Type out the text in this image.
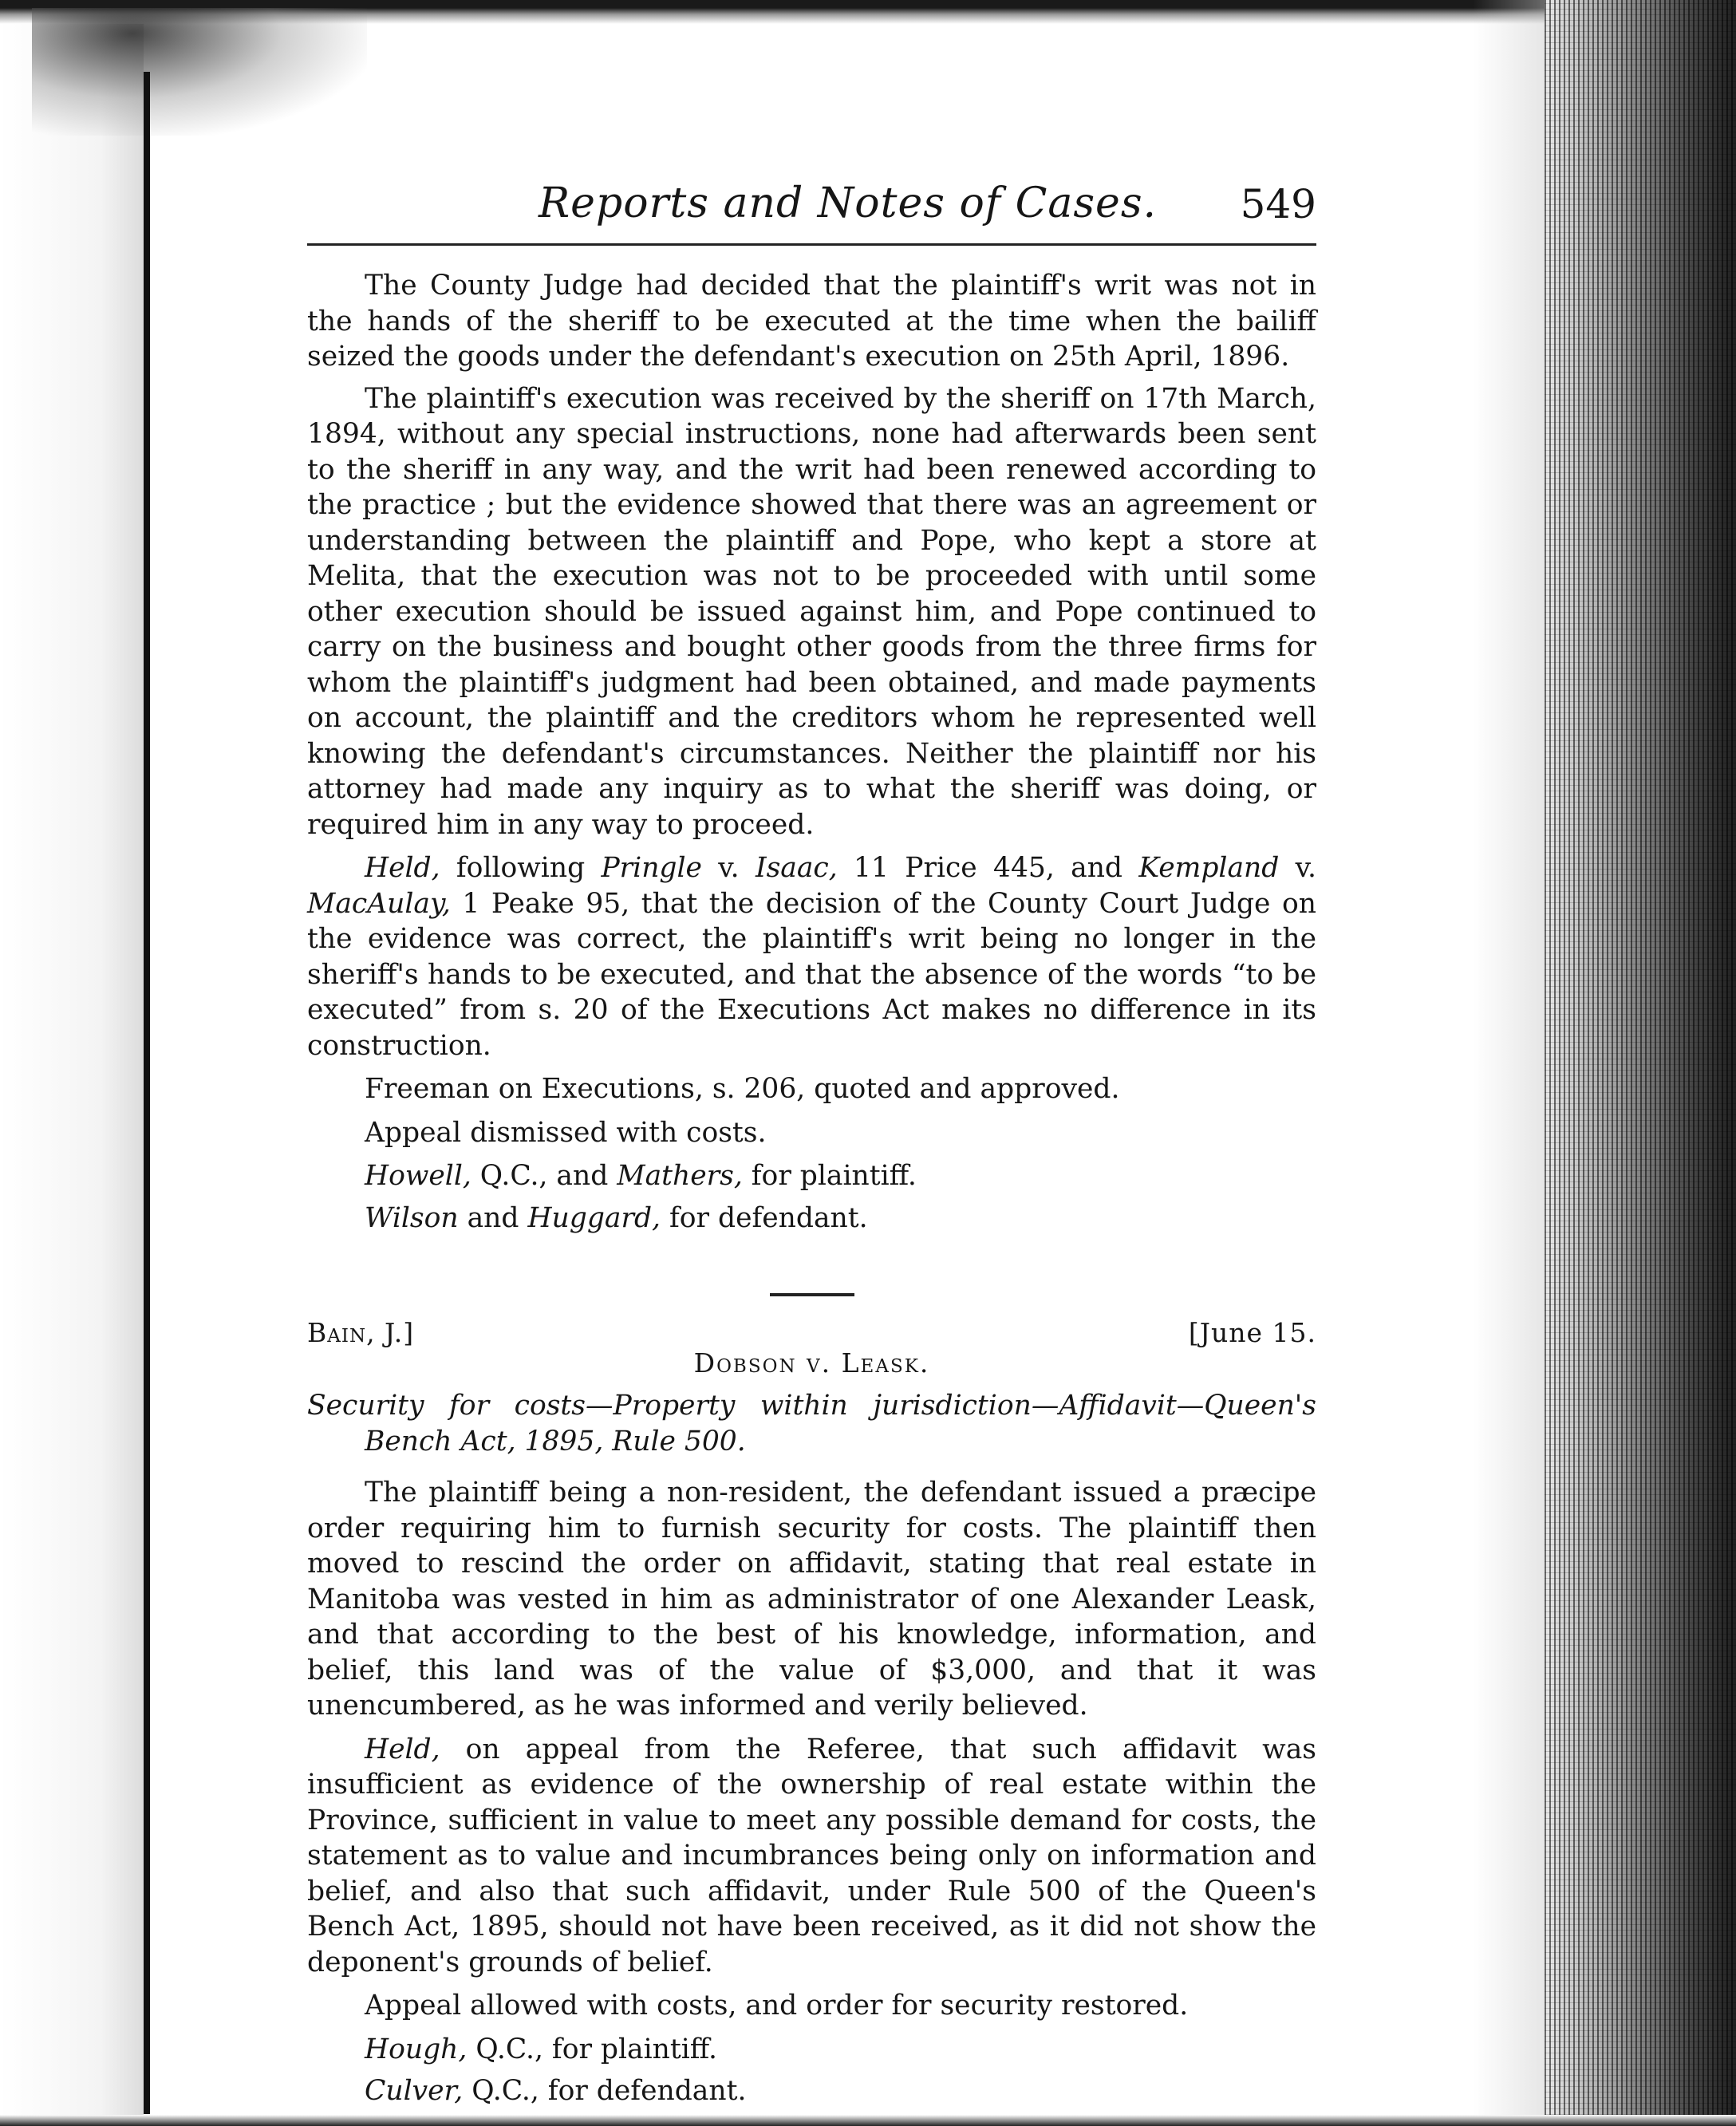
Reports and Notes of Cases. 549

The County Judge had decided that the plaintiff's writ was not in the hands of the sheriff to be executed at the time when the bailiff seized the goods under the defendant's execution on 25th April, 1896.

The plaintiff's execution was received by the sheriff on 17th March, 1894, without any special instructions, none had afterwards been sent to the sheriff in any way, and the writ had been renewed according to the practice ; but the evidence showed that there was an agreement or understanding between the plaintiff and Pope, who kept a store at Melita, that the execution was not to be proceeded with until some other execution should be issued against him, and Pope continued to carry on the business and bought other goods from the three firms for whom the plaintiff's judgment had been obtained, and made payments on account, the plaintiff and the creditors whom he represented well knowing the defendant's circumstances. Neither the plaintiff nor his attorney had made any inquiry as to what the sheriff was doing, or required him in any way to proceed.

Held, following Pringle v. Isaac, 11 Price 445, and Kempland v. MacAulay, 1 Peake 95, that the decision of the County Court Judge on the evidence was correct, the plaintiff's writ being no longer in the sheriff's hands to be executed, and that the absence of the words “to be executed” from s. 20 of the Executions Act makes no difference in its construction.

Freeman on Executions, s. 206, quoted and approved.

Appeal dismissed with costs.

Howell, Q.C., and Mathers, for plaintiff.

Wilson and Huggard, for defendant.

Bain, J.]	[June 15.
Dobson v. Leask.
Security for costs—Property within jurisdiction—Affidavit—Queen's Bench Act, 1895, Rule 500.

The plaintiff being a non-resident, the defendant issued a præcipe order requiring him to furnish security for costs. The plaintiff then moved to rescind the order on affidavit, stating that real estate in Manitoba was vested in him as administrator of one Alexander Leask, and that according to the best of his knowledge, information, and belief, this land was of the value of $3,000, and that it was unencumbered, as he was informed and verily believed.

Held, on appeal from the Referee, that such affidavit was insufficient as evidence of the ownership of real estate within the Province, sufficient in value to meet any possible demand for costs, the statement as to value and incumbrances being only on information and belief, and also that such affidavit, under Rule 500 of the Queen's Bench Act, 1895, should not have been received, as it did not show the deponent's grounds of belief.

Appeal allowed with costs, and order for security restored.

Hough, Q.C., for plaintiff.

Culver, Q.C., for defendant.
